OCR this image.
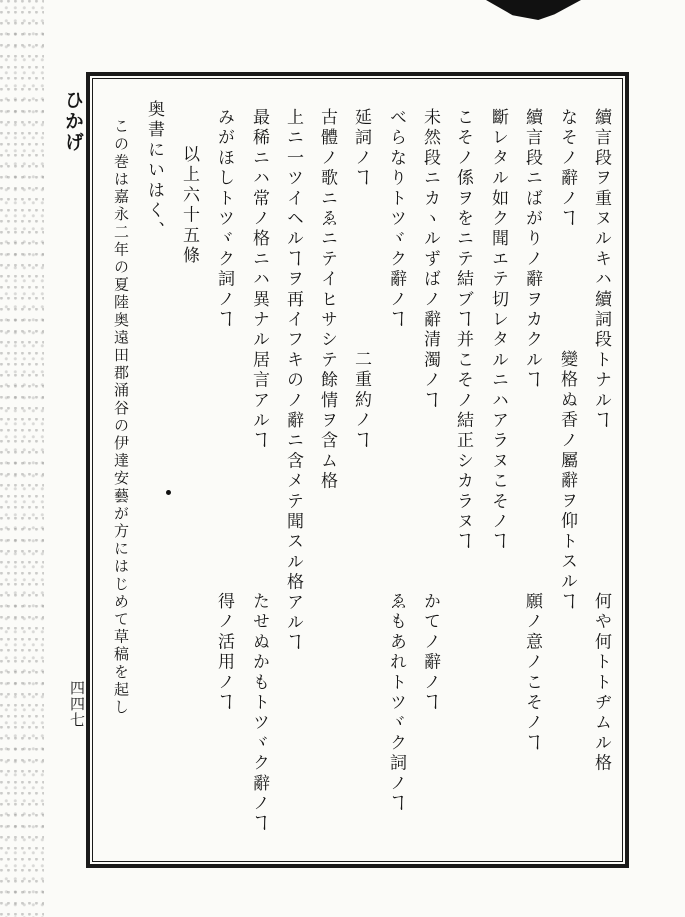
ひかげ
四四七
續言段ヲ重ヌルキハ續詞段トナルヿ
何や何トトヂムル格
なそノ辭ノヿ
變格ぬ香ノ屬辭ヲ仰トスルヿ
續言段ニばがりノ辭ヲカクルヿ
願ノ意ノこそノヿ
斷レタル如ク聞エテ切レタルニハアラヌこそノヿ
こそノ係ヲをニテ結ブヿ并こそノ結正シカラヌヿ
かてノ辭ノヿ
未然段ニカヽルずばノ辭清濁ノヿ
ゑもあれトツヾク詞ノヿ
べらなりトツヾク辭ノヿ
延詞ノヿ
二重約ノヿ
古體ノ歌ニゑニテイヒサシテ餘情ヲ含ム格
上ニ一ツイヘルヿヲ再イフキのノ辭ニ含メテ聞スル格アルヿ
最稀ニハ常ノ格ニハ異ナル居言アルヿ
たせぬかもトツヾク辭ノヿ
みがほしトツヾク詞ノヿ
得ノ活用ノヿ
以上六十五條
奥書にいはく、
この巻は嘉永二年の夏陸奥遠田郡涌谷の伊達安藝が方にはじめて草稿を起し
